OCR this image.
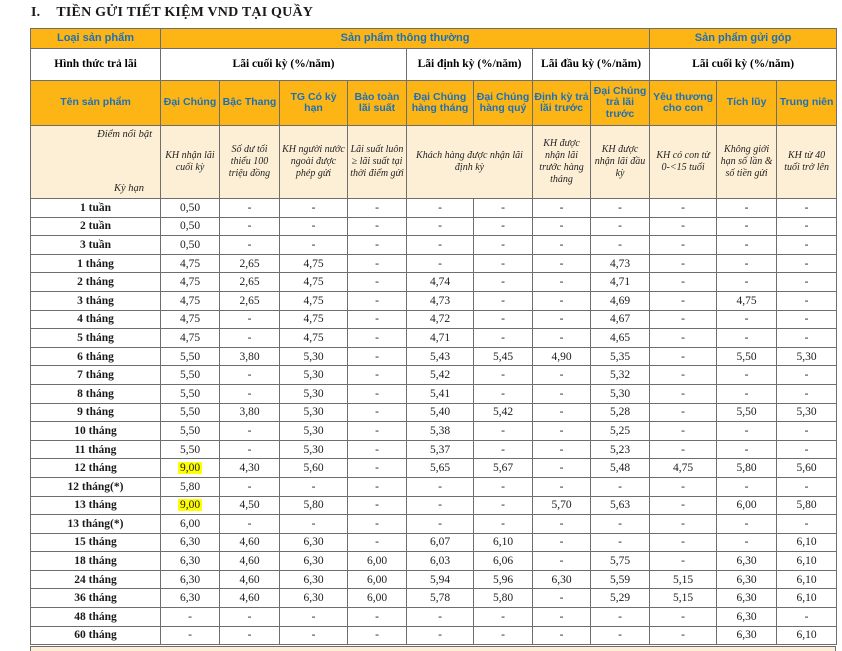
I. TIỀN GỬI TIẾT KIỆM VND TẠI QUẦY
Loại sản phẩm	Sản phẩm thông thường								Sản phẩm gửi góp		
Hình thức trả lãi	Lãi cuối kỳ (%/năm)				Lãi định kỳ (%/năm)		Lãi đầu kỳ (%/năm)		Lãi cuối kỳ (%/năm)		
Tên sản phẩm	Đại Chúng	Bậc Thang	TG Có kỳ hạn	Bảo toàn lãi suất	Đại Chúng hàng tháng	Đại Chúng hàng quý	Định kỳ trả lãi trước	Đại Chúng trả lãi trước	Yêu thương cho con	Tích lũy	Trung niên

Điểm nổi bật
Kỳ hạn	KH nhận lãi cuối kỳ	Số dư tối thiểu 100 triệu đồng	KH người nước ngoài được phép gửi	Lãi suất luôn ≥ lãi suất tại thời điểm gửi	Khách hàng được nhận lãi định kỳ		KH được nhận lãi trước hàng tháng	KH được nhận lãi đầu kỳ	KH có con từ 0-<15 tuổi	Không giới hạn số lần & số tiền gửi	KH từ 40 tuổi trở lên
1 tuần	0,50	-	-	-	-	-	-	-	-	-	-
2 tuần	0,50	-	-	-	-	-	-	-	-	-	-
3 tuần	0,50	-	-	-	-	-	-	-	-	-	-
1 tháng	4,75	2,65	4,75	-	-	-	-	4,73	-	-	-
2 tháng	4,75	2,65	4,75	-	4,74	-	-	4,71	-	-	-
3 tháng	4,75	2,65	4,75	-	4,73	-	-	4,69	-	4,75	-
4 tháng	4,75	-	4,75	-	4,72	-	-	4,67	-	-	-
5 tháng	4,75	-	4,75	-	4,71	-	-	4,65	-	-	-
6 tháng	5,50	3,80	5,30	-	5,43	5,45	4,90	5,35	-	5,50	5,30
7 tháng	5,50	-	5,30	-	5,42	-	-	5,32	-	-	-
8 tháng	5,50	-	5,30	-	5,41	-	-	5,30	-	-	-
9 tháng	5,50	3,80	5,30	-	5,40	5,42	-	5,28	-	5,50	5,30
10 tháng	5,50	-	5,30	-	5,38	-	-	5,25	-	-	-
11 tháng	5,50	-	5,30	-	5,37	-	-	5,23	-	-	-
12 tháng	9,00	4,30	5,60	-	5,65	5,67	-	5,48	4,75	5,80	5,60
12 tháng(*)	5,80	-	-	-	-	-	-	-	-	-	-
13 tháng	9,00	4,50	5,80	-	-	-	5,70	5,63	-	6,00	5,80
13 tháng(*)	6,00	-	-	-	-	-	-	-	-	-	-
15 tháng	6,30	4,60	6,30	-	6,07	6,10	-	-	-	-	6,10
18 tháng	6,30	4,60	6,30	6,00	6,03	6,06	-	5,75	-	6,30	6,10
24 tháng	6,30	4,60	6,30	6,00	5,94	5,96	6,30	5,59	5,15	6,30	6,10
36 tháng	6,30	4,60	6,30	6,00	5,78	5,80	-	5,29	5,15	6,30	6,10
48 tháng	-	-	-	-	-	-	-	-	-	6,30	-
60 tháng	-	-	-	-	-	-	-	-	-	6,30	6,10
